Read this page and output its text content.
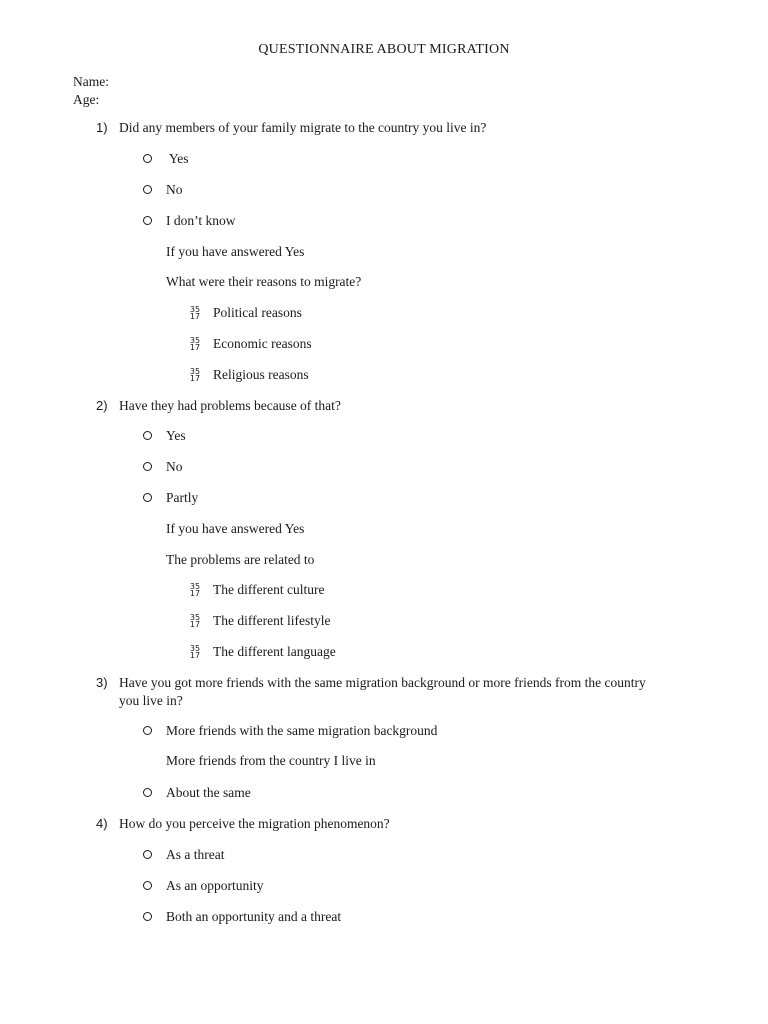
QUESTIONNAIRE ABOUT MIGRATION
Name:
Age:
1) Did any members of your family migrate to the country you live in?
Yes
No
I don’t know
If you have answered Yes
What were their reasons to migrate?
35
17 Political reasons
35
17 Economic reasons
35
17 Religious reasons
2) Have they had problems because of that?
Yes
No
Partly
If you have answered Yes
The problems are related to
35
17 The different culture
35
17 The different lifestyle
35
17 The different language
3) Have you got more friends with the same migration background or more friends from the country
you live in?
More friends with the same migration background
More friends from the country I live in
About the same
4) How do you perceive the migration phenomenon?
As a threat
As an opportunity
Both an opportunity and a threat
